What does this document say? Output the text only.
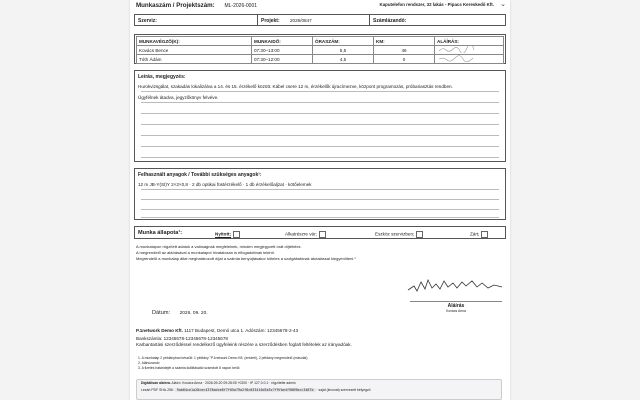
Munkaszám / Projektszám: ML-2026-0001	Kaputelefon rendszer, 32 lakás - Pipacs Kereskedő Kft. ⌄
Szerviz:	Projekt: 2026/0847	Számlázandó:
MUNKAVÉGZŐ(K):	MUNKAIDŐ:	ÓRASZÁM:	KM:	ALÁÍRÁS:
Kovács Bence	07:30–13:00	5,5	46	
Tóth Ádám	07:30–12:00	4,5	0	
Leírás, megjegyzés:
Hurokvizsgálat, szakadás lokalizálva a 14. és 15. érzékelő között. Kábel csere 12 m, érzékelők újracímezve, központ programozás, próbariasztás rendben.
Ügyfélnek átadva, jegyzőkönyv felvéve.
Felhasznált anyagok / További szükséges anyagok¹:
12 m JB-Y(St)Y 2×2×0,8 · 2 db optikai füstérzékelő · 1 db érzékelőaljzat · kötőelemek
Munka állapota¹:	Nyitott;	Alkatrészre vár;	Eszköz szervizben;	Zárt;
A munkalapon rögzített adatok a valóságnak megfelelnek, minden megjegyzett órát díjtételez.
A megrendelő az aláírásával a munkalapot hivatalosan is elfogadottnak tekinti.
Megrendelő a munkalap által meghatározott díjat a számla benyújtásakor köteles a szolgáltatónak átutalással kiegyenlíteni.¹
Aláírás
Kovács Anna
Dátum: 2026. 09. 20.
P.1network Demo Kft. 1117 Budapest, Demó utca 1. Adószám: 12345678-2-43
Bankszámla: 12345678-12345678-12345678
Karbantartási szerződéssel rendelkező ügyfeleink részére a szerződésben foglalt feltételek az irányadóak.
1. A munkalap 2 példányban készült: 1 példány "P.1network Demo Kft. (eredeti), 2 példány megrendelő (másolat)
2. Aláhúzandó
3. A fizetés határidejét a számla kiállításától számított 8 napon belül
Digitálisan aláírva. Aláíró: Kovács Anna · 2026-09-20 09:28:05 +0200 · IP 127.0.0.1 · rögzítette admin
Lezárt PDF SHA-256: 9ab84ce1a28cec4378adce8f7f05a79a2f8c033416d3e5c7f9fbe4f9869bcc3487b · saját (kivonat) szervezett bélyegző
